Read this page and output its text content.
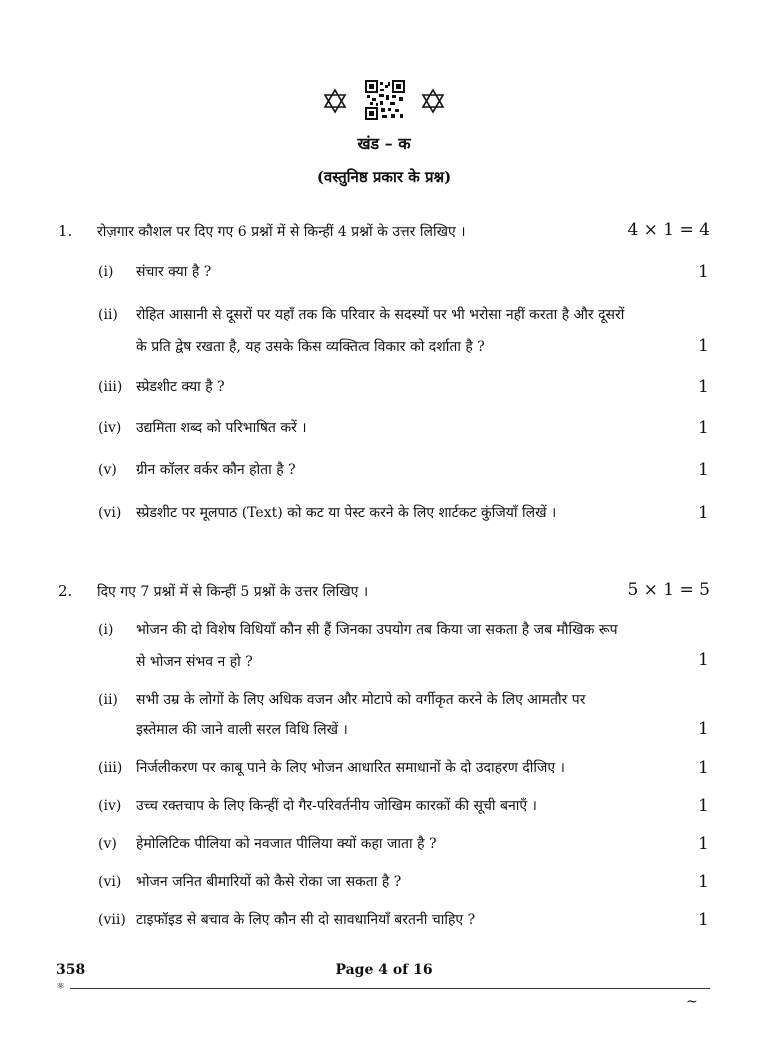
खंड – क
(वस्तुनिष्ठ प्रकार के प्रश्न)
1. रोज़गार कौशल पर दिए गए 6 प्रश्नों में से किन्हीं 4 प्रश्नों के उत्तर लिखिए ।	4 × 1 = 4
(i) संचार क्या है ?	1
(ii) रोहित आसानी से दूसरों पर यहाँ तक कि परिवार के सदस्यों पर भी भरोसा नहीं करता है और दूसरों
के प्रति द्वेष रखता है, यह उसके किस व्यक्तित्व विकार को दर्शाता है ?	1
(iii) स्प्रेडशीट क्या है ?	1
(iv) उद्यमिता शब्द को परिभाषित करें ।	1
(v) ग्रीन कॉलर वर्कर कौन होता है ?	1
(vi) स्प्रेडशीट पर मूलपाठ (Text) को कट या पेस्ट करने के लिए शार्टकट कुंजियाँ लिखें ।	1
2. दिए गए 7 प्रश्नों में से किन्हीं 5 प्रश्नों के उत्तर लिखिए ।	5 × 1 = 5
(i) भोजन की दो विशेष विधियाँ कौन सी हैं जिनका उपयोग तब किया जा सकता है जब मौखिक रूप
से भोजन संभव न हो ?	1
(ii) सभी उम्र के लोगों के लिए अधिक वजन और मोटापे को वर्गीकृत करने के लिए आमतौर पर
इस्तेमाल की जाने वाली सरल विधि लिखें ।	1
(iii) निर्जलीकरण पर काबू पाने के लिए भोजन आधारित समाधानों के दो उदाहरण दीजिए ।	1
(iv) उच्च रक्तचाप के लिए किन्हीं दो गैर-परिवर्तनीय जोखिम कारकों की सूची बनाएँ ।	1
(v) हेमोलिटिक पीलिया को नवजात पीलिया क्यों कहा जाता है ?	1
(vi) भोजन जनित बीमारियों को कैसे रोका जा सकता है ?	1
(vii) टाइफॉइड से बचाव के लिए कौन सी दो सावधानियाँ बरतनी चाहिए ?	1
358	Page 4 of 16
⚛
~
